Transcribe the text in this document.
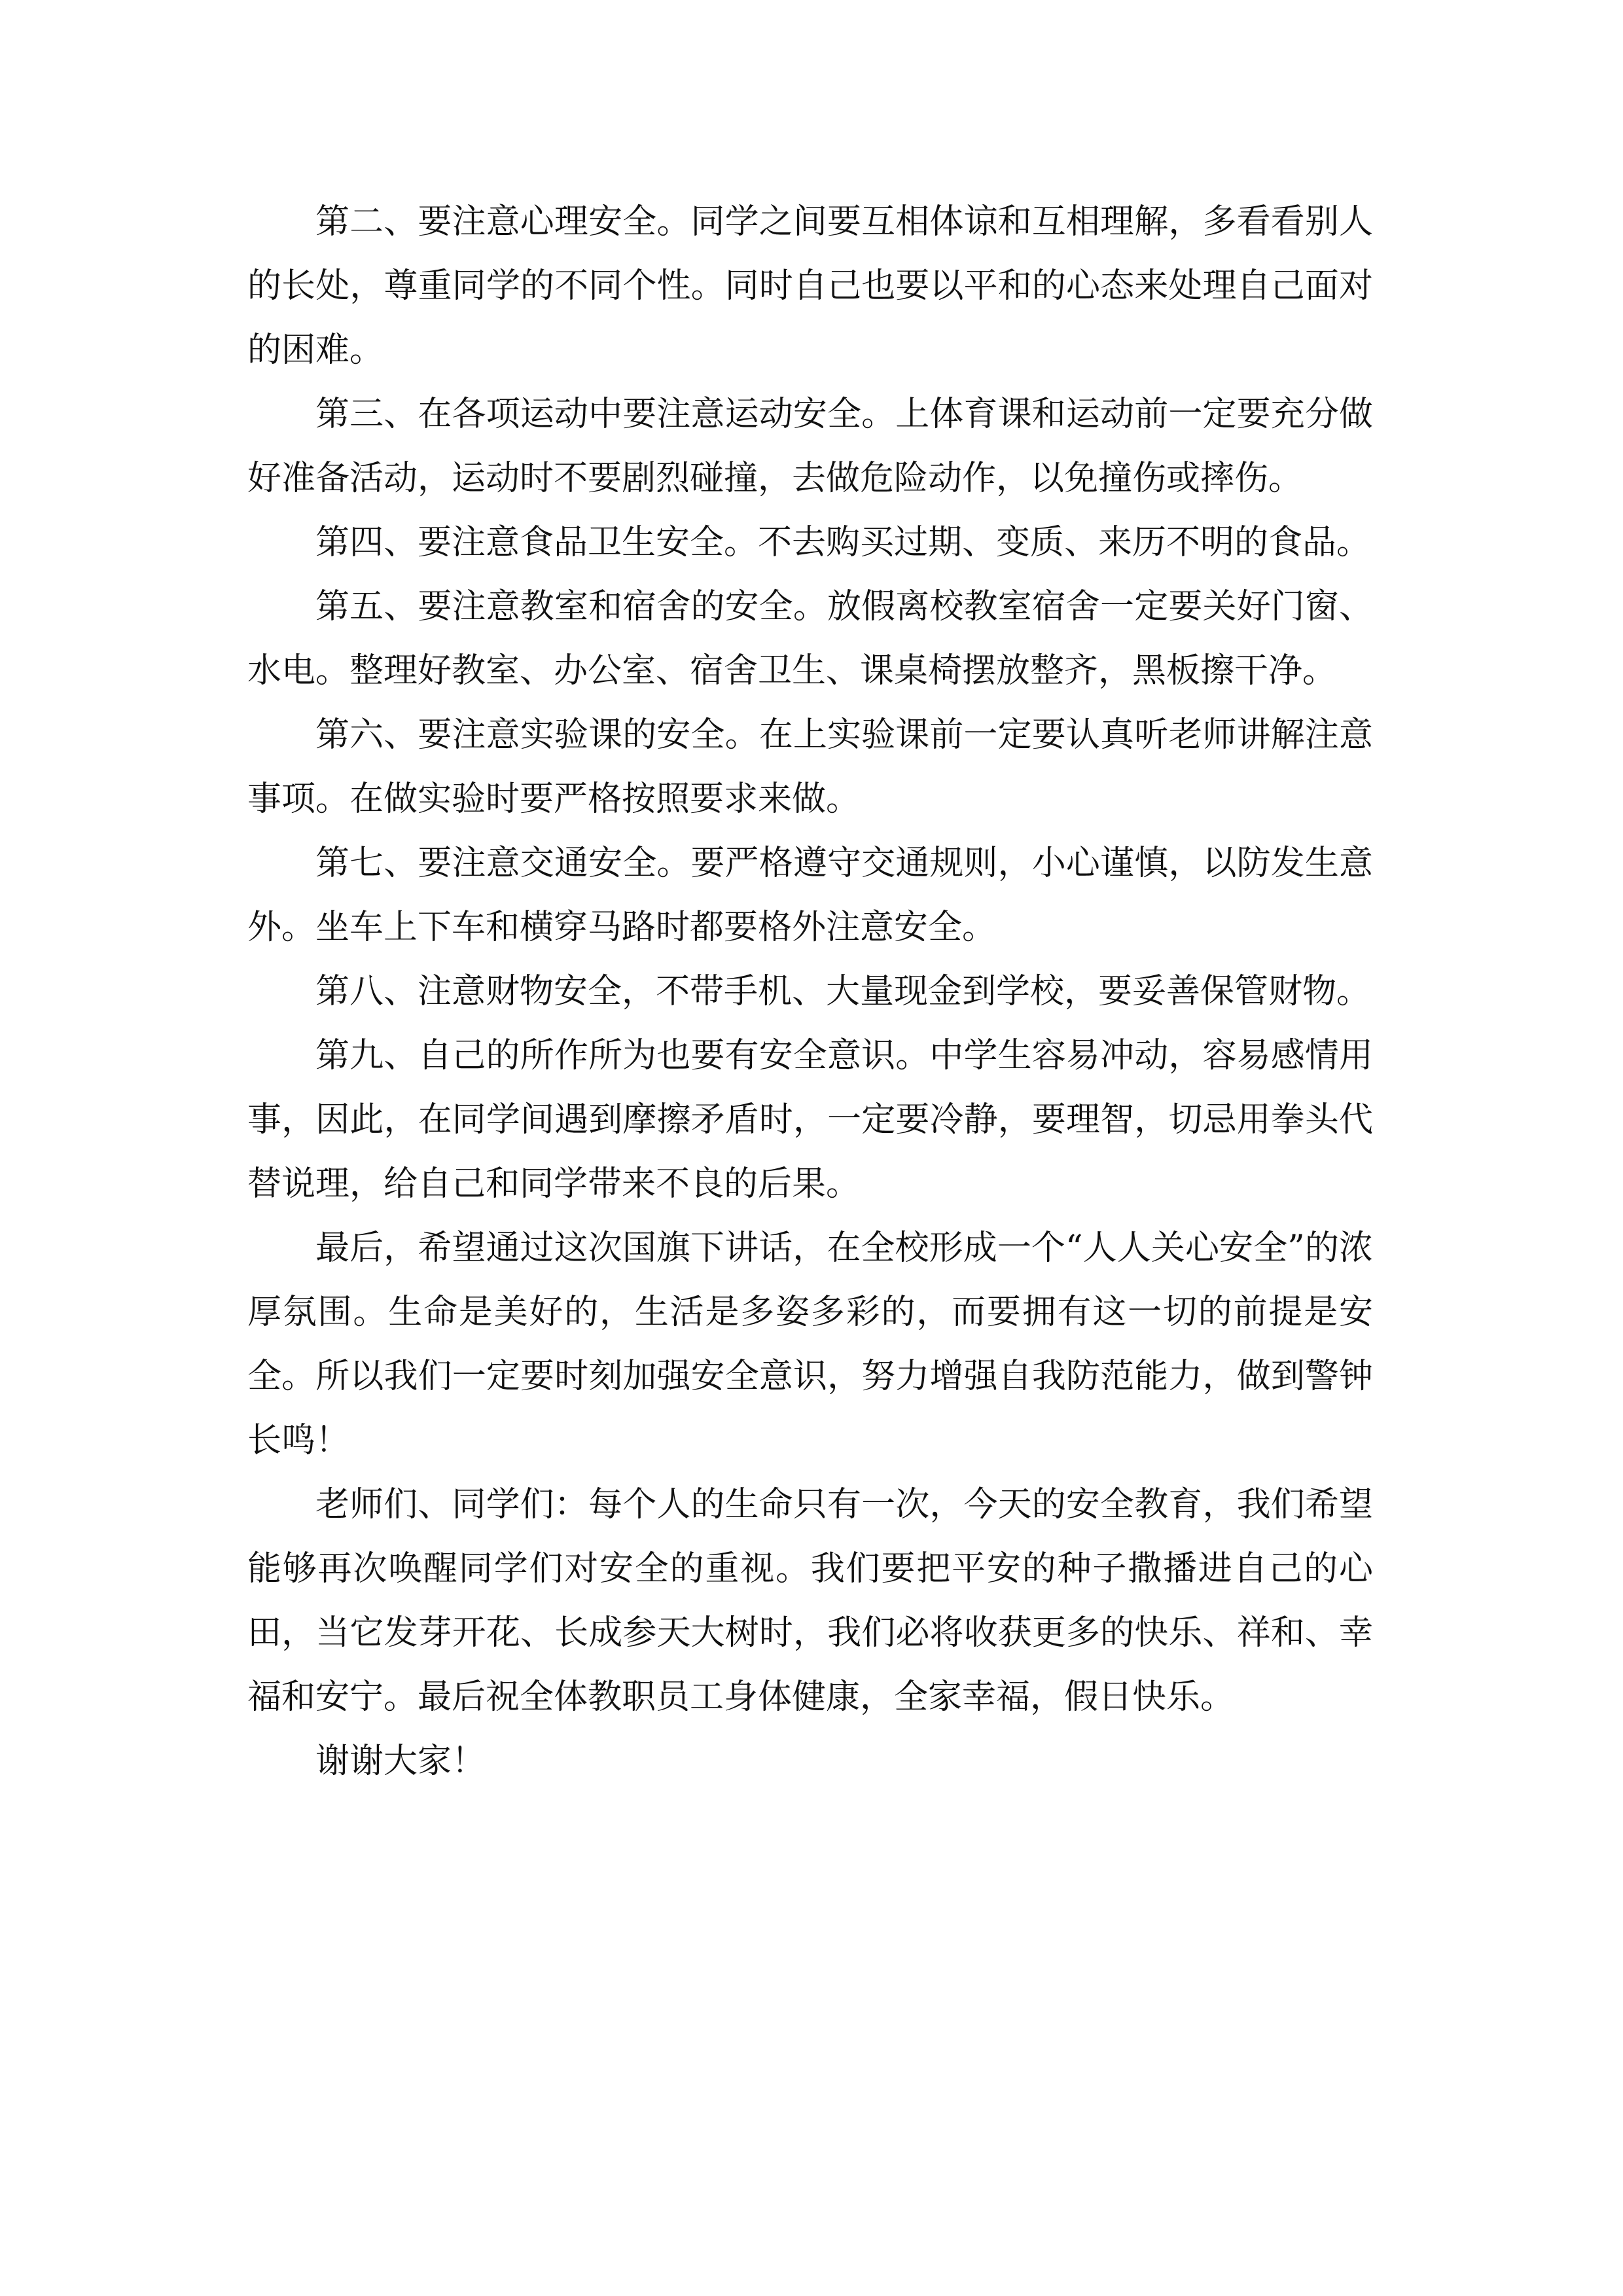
第二、要注意心理安全。同学之间要互相体谅和互相理解，多看看别人的长处，尊重同学的不同个性。同时自己也要以平和的心态来处理自己面对的困难。

第三、在各项运动中要注意运动安全。上体育课和运动前一定要充分做好准备活动，运动时不要剧烈碰撞，去做危险动作，以免撞伤或摔伤。

第四、要注意食品卫生安全。不去购买过期、变质、来历不明的食品。

第五、要注意教室和宿舍的安全。放假离校教室宿舍一定要关好门窗、水电。整理好教室、办公室、宿舍卫生、课桌椅摆放整齐，黑板擦干净。

第六、要注意实验课的安全。在上实验课前一定要认真听老师讲解注意事项。在做实验时要严格按照要求来做。

第七、要注意交通安全。要严格遵守交通规则，小心谨慎，以防发生意外。坐车上下车和横穿马路时都要格外注意安全。

第八、注意财物安全，不带手机、大量现金到学校，要妥善保管财物。

第九、自己的所作所为也要有安全意识。中学生容易冲动，容易感情用事，因此，在同学间遇到摩擦矛盾时，一定要冷静，要理智，切忌用拳头代替说理，给自己和同学带来不良的后果。

最后，希望通过这次国旗下讲话，在全校形成一个“人人关心安全”的浓厚氛围。生命是美好的，生活是多姿多彩的，而要拥有这一切的前提是安全。所以我们一定要时刻加强安全意识，努力增强自我防范能力，做到警钟长鸣！

老师们、同学们：每个人的生命只有一次，今天的安全教育，我们希望能够再次唤醒同学们对安全的重视。我们要把平安的种子撒播进自己的心田，当它发芽开花、长成参天大树时，我们必将收获更多的快乐、祥和、幸福和安宁。最后祝全体教职员工身体健康，全家幸福，假日快乐。

谢谢大家！
